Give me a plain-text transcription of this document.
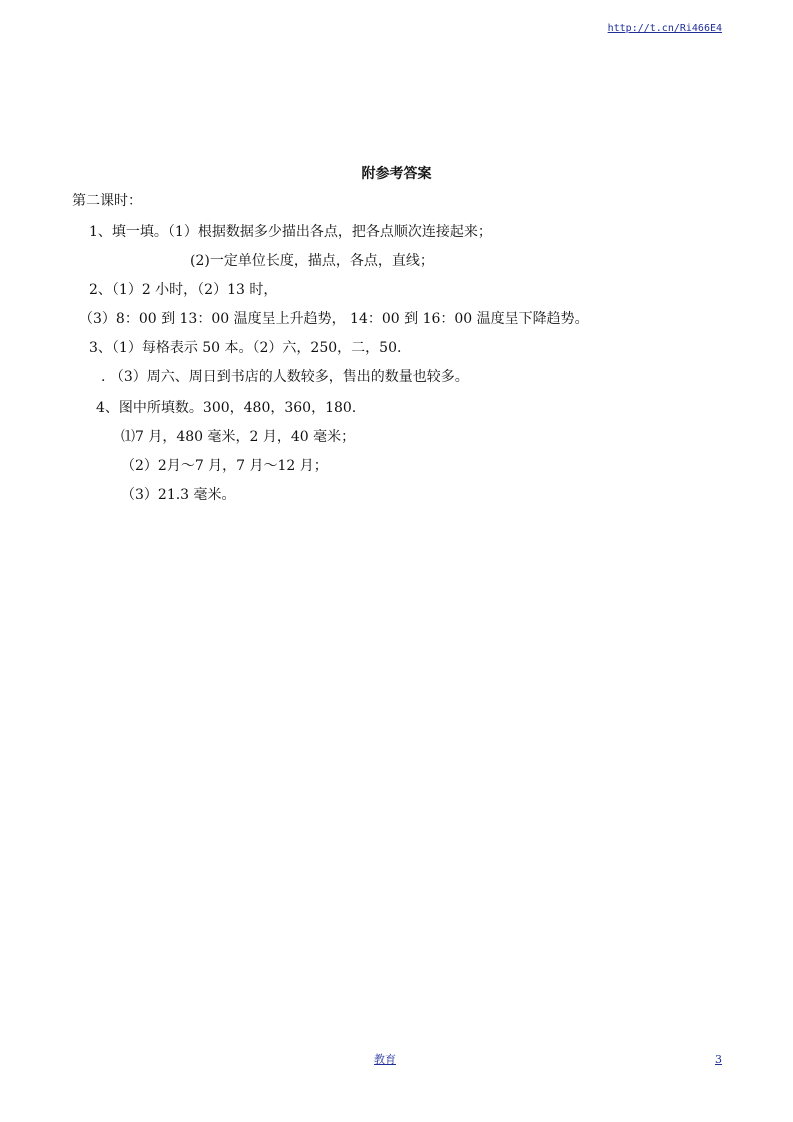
http://t.cn/Ri466E4
附参考答案
第二课时：
1、填一填。（1）根据数据多少描出各点，把各点顺次连接起来；
(2)一定单位长度，描点，各点，直线；
2、（1）2 小时，（2）13 时，
（3）8：00 到 13：00 温度呈上升趋势， 14：00 到 16：00 温度呈下降趋势。
3、（1）每格表示 50 本。（2）六，250，二，50.
. （3）周六、周日到书店的人数较多，售出的数量也较多。
4、图中所填数。300，480，360，180.
⑴7 月，480 毫米，2 月，40 毫米；
（2）2月～7 月，7 月～12 月；
（3）21.3 毫米。
教育	3
